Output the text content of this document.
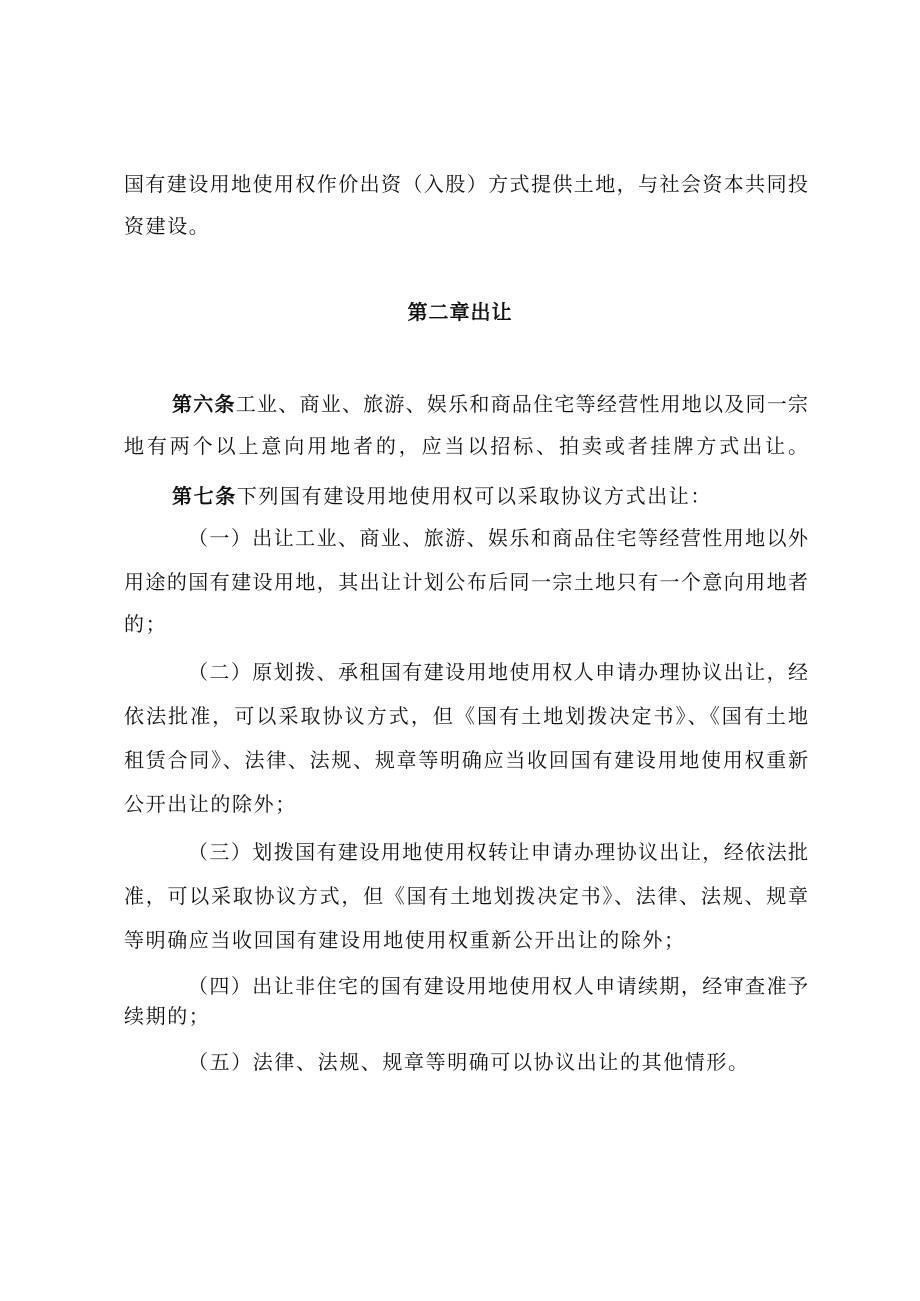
国有建设用地使用权作价出资（入股）方式提供土地，与社会资本共同投
资建设。
第二章出让
第六条工业、商业、旅游、娱乐和商品住宅等经营性用地以及同一宗
地有两个以上意向用地者的，应当以招标、拍卖或者挂牌方式出让。
第七条下列国有建设用地使用权可以采取协议方式出让：
（一）出让工业、商业、旅游、娱乐和商品住宅等经营性用地以外
用途的国有建设用地，其出让计划公布后同一宗土地只有一个意向用地者
的；
（二）原划拨、承租国有建设用地使用权人申请办理协议出让，经
依法批准，可以采取协议方式，但《国有土地划拨决定书》、《国有土地
租赁合同》、法律、法规、规章等明确应当收回国有建设用地使用权重新
公开出让的除外；
（三）划拨国有建设用地使用权转让申请办理协议出让，经依法批
准，可以采取协议方式，但《国有土地划拨决定书》、法律、法规、规章
等明确应当收回国有建设用地使用权重新公开出让的除外；
（四）出让非住宅的国有建设用地使用权人申请续期，经审查准予
续期的；
（五）法律、法规、规章等明确可以协议出让的其他情形。
